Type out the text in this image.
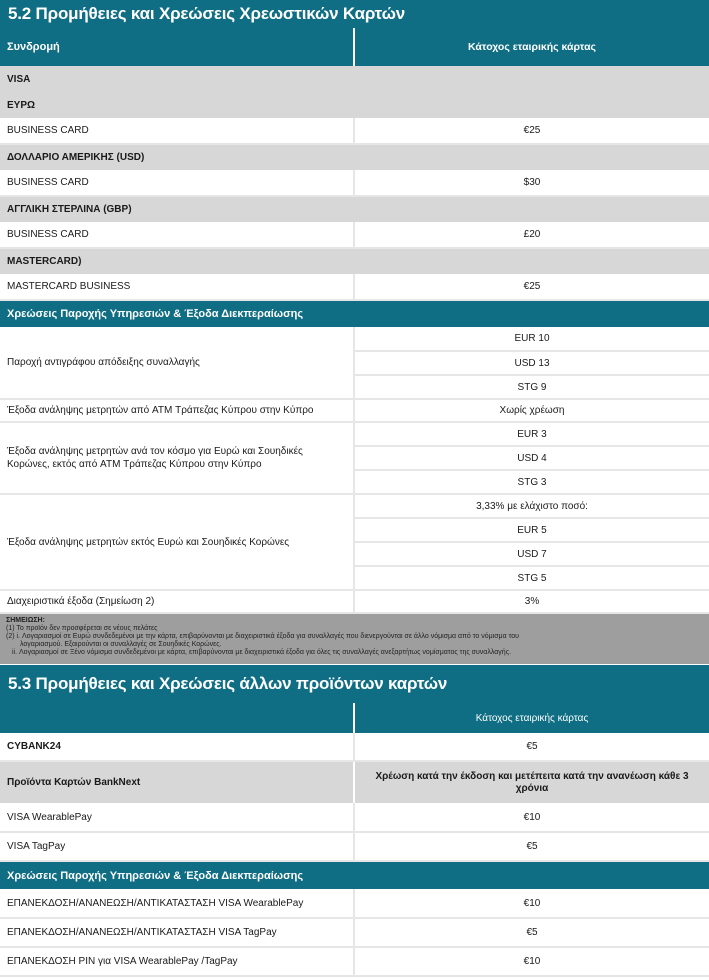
5.2 Προμήθειες και Χρεώσεις Χρεωστικών Καρτών
Συνδρομή	Κάτοχος εταιρικής κάρτας
VISA	
ΕΥΡΩ	
BUSINESS CARD	€25
ΔΟΛΛΑΡΙΟ ΑΜΕΡΙΚΗΣ (USD)	
BUSINESS CARD	$30
ΑΓΓΛΙΚΗ ΣΤΕΡΛΙΝΑ (GBP)	
BUSINESS CARD	£20
MASTERCARD)	
MASTERCARD BUSINESS	€25
Χρεώσεις Παροχής Υπηρεσιών & Έξοδα Διεκπεραίωσης	
Παροχή αντιγράφου απόδειξης συναλλαγής	EUR 10
	USD 13
	STG 9
Έξοδα ανάληψης μετρητών από ATM Τράπεζας Κύπρου στην Κύπρο	Χωρίς χρέωση
Έξοδα ανάληψης μετρητών ανά τον κόσμο για Ευρώ και Σουηδικές Κορώνες, εκτός από ATM Τράπεζας Κύπρου στην Κύπρο	EUR 3
	USD 4
	STG 3
Έξοδα ανάληψης μετρητών εκτός Ευρώ και Σουηδικές Κορώνες	3,33% με ελάχιστο ποσό:
	EUR 5
	USD 7
	STG 5
Διαχειριστικά έξοδα (Σημείωση 2)	3%
ΣΗΜΕΙΩΣΗ:
(1) Το προϊόν δεν προσφέρεται σε νέους πελάτες
(2) i. Λογαριασμοί σε Ευρώ συνδεδεμένοι με την κάρτα, επιβαρύνονται με διαχειριστικά έξοδα για συναλλαγές που διενεργούνται σε άλλο νόμισμα από το νόμισμα του
λογαριασμού. Εξαιρούνται οι συναλλαγές σε Σουηδικές Κορώνες.
ii. Λογαριασμοί σε Ξένο νόμισμα συνδεδεμένοι με κάρτα, επιβαρύνονται με διαχειριστικά έξοδα για όλες τις συναλλαγές ανεξαρτήτως νομίσματος της συναλλαγής.
5.3 Προμήθειες και Χρεώσεις άλλων προϊόντων καρτών
	Κάτοχος εταιρικής κάρτας
CYBANK24	€5
Προϊόντα Καρτών BankNext	Χρέωση κατά την έκδοση και μετέπειτα κατά την ανανέωση κάθε 3 χρόνια
VISA WearablePay	€10
VISA TagPay	€5
Χρεώσεις Παροχής Υπηρεσιών & Έξοδα Διεκπεραίωσης	
ΕΠΑΝΕΚΔΟΣΗ/ΑΝΑΝΕΩΣΗ/ΑΝΤΙΚΑΤΑΣΤΑΣΗ VISA WearablePay	€10
ΕΠΑΝΕΚΔΟΣΗ/ΑΝΑΝΕΩΣΗ/ΑΝΤΙΚΑΤΑΣΤΑΣΗ VISA TagPay	€5
ΕΠΑΝΕΚΔΟΣΗ PIN για VISA WearablePay /TagPay	€10
